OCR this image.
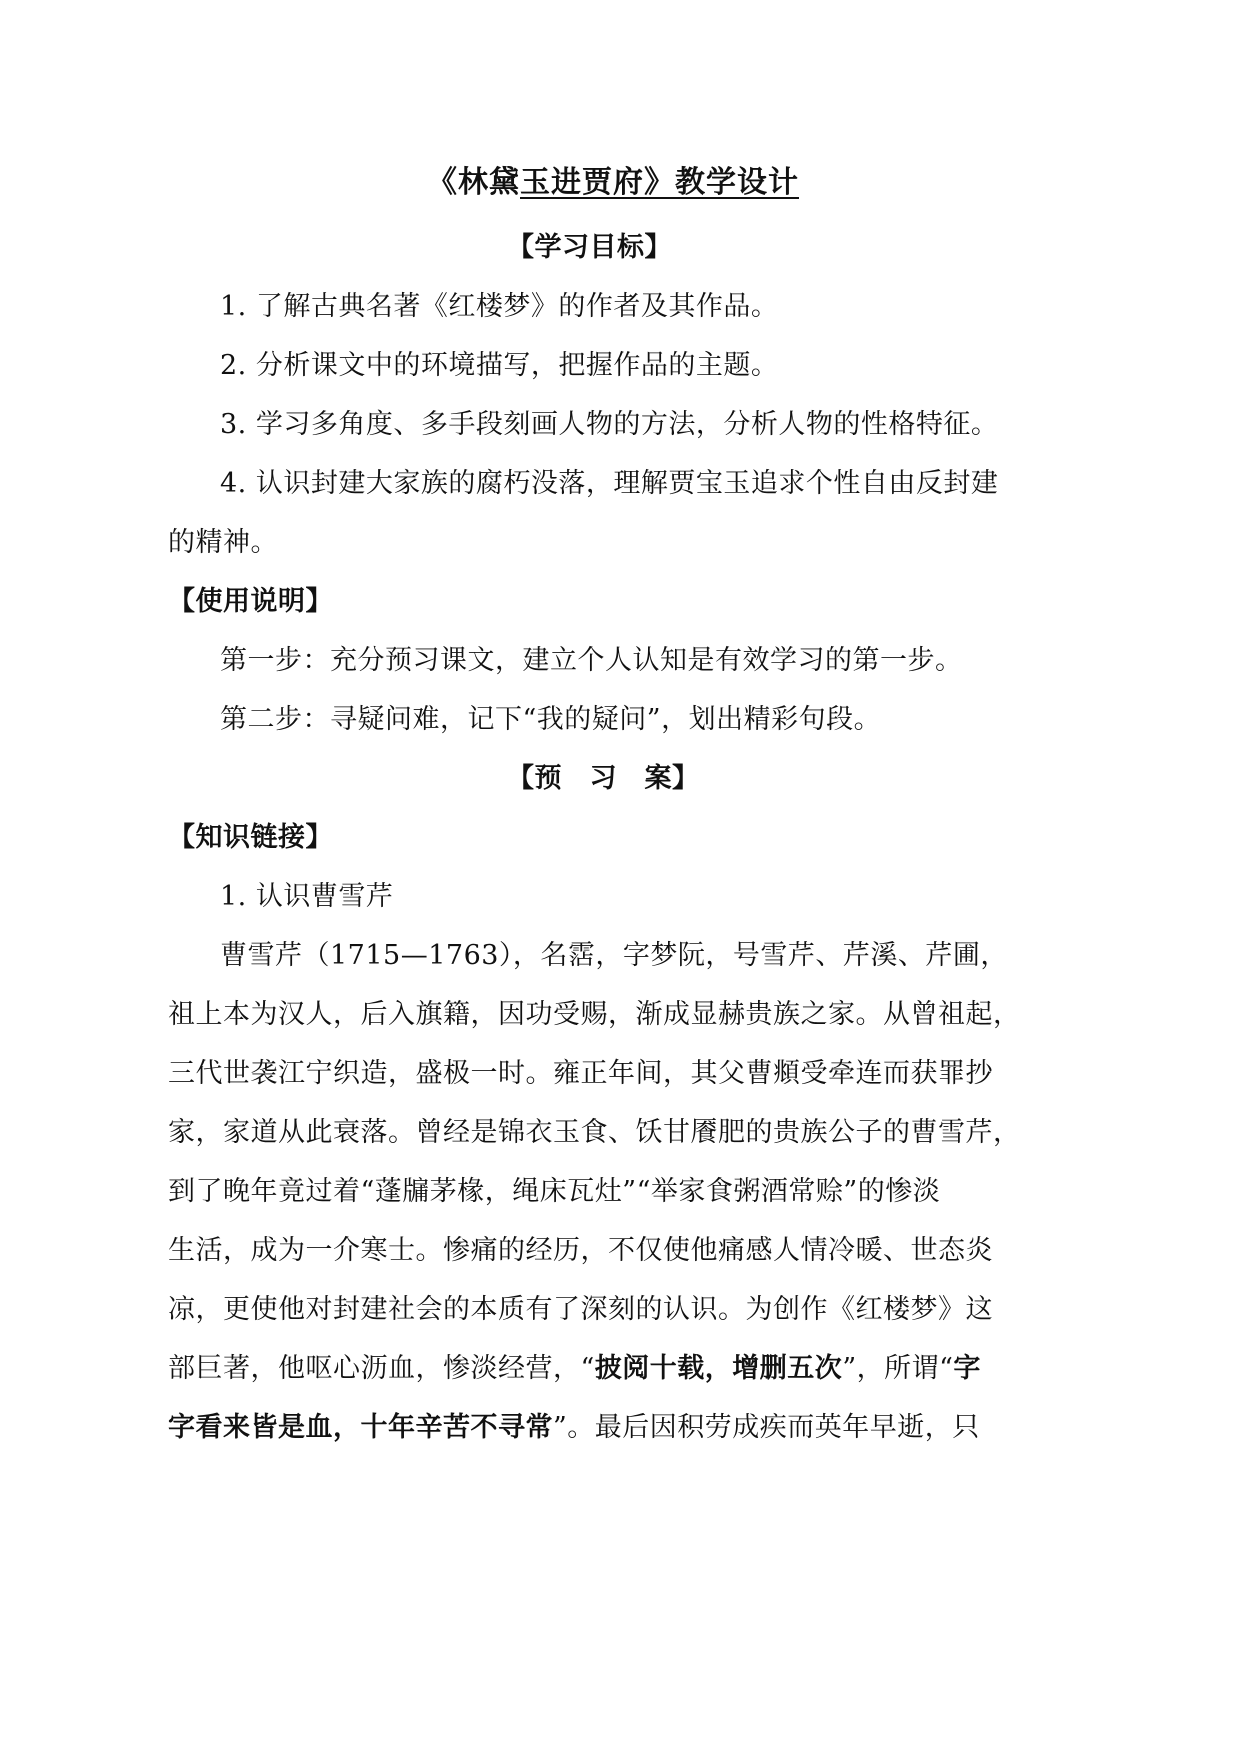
《林黛玉进贾府》教学设计
【学习目标】
1. 了解古典名著《红楼梦》的作者及其作品。
2. 分析课文中的环境描写，把握作品的主题。
3. 学习多角度、多手段刻画人物的方法，分析人物的性格特征。
4. 认识封建大家族的腐朽没落，理解贾宝玉追求个性自由反封建
的精神。
【使用说明】
第一步：充分预习课文，建立个人认知是有效学习的第一步。
第二步：寻疑问难，记下“我的疑问”，划出精彩句段。
【预　习　案】
【知识链接】
1. 认识曹雪芹
曹雪芹（1715—1763），名霑，字梦阮，号雪芹、芹溪、芹圃，
祖上本为汉人，后入旗籍，因功受赐，渐成显赫贵族之家。从曾祖起，
三代世袭江宁织造，盛极一时。雍正年间，其父曹頫受牵连而获罪抄
家，家道从此衰落。曾经是锦衣玉食、饫甘餍肥的贵族公子的曹雪芹，
到了晚年竟过着“蓬牖茅椽，绳床瓦灶”“举家食粥酒常赊”的惨淡
生活，成为一介寒士。惨痛的经历，不仅使他痛感人情冷暖、世态炎
凉，更使他对封建社会的本质有了深刻的认识。为创作《红楼梦》这
部巨著，他呕心沥血，惨淡经营，“披阅十载，增删五次”，所谓“字
字看来皆是血，十年辛苦不寻常”。最后因积劳成疾而英年早逝，只
